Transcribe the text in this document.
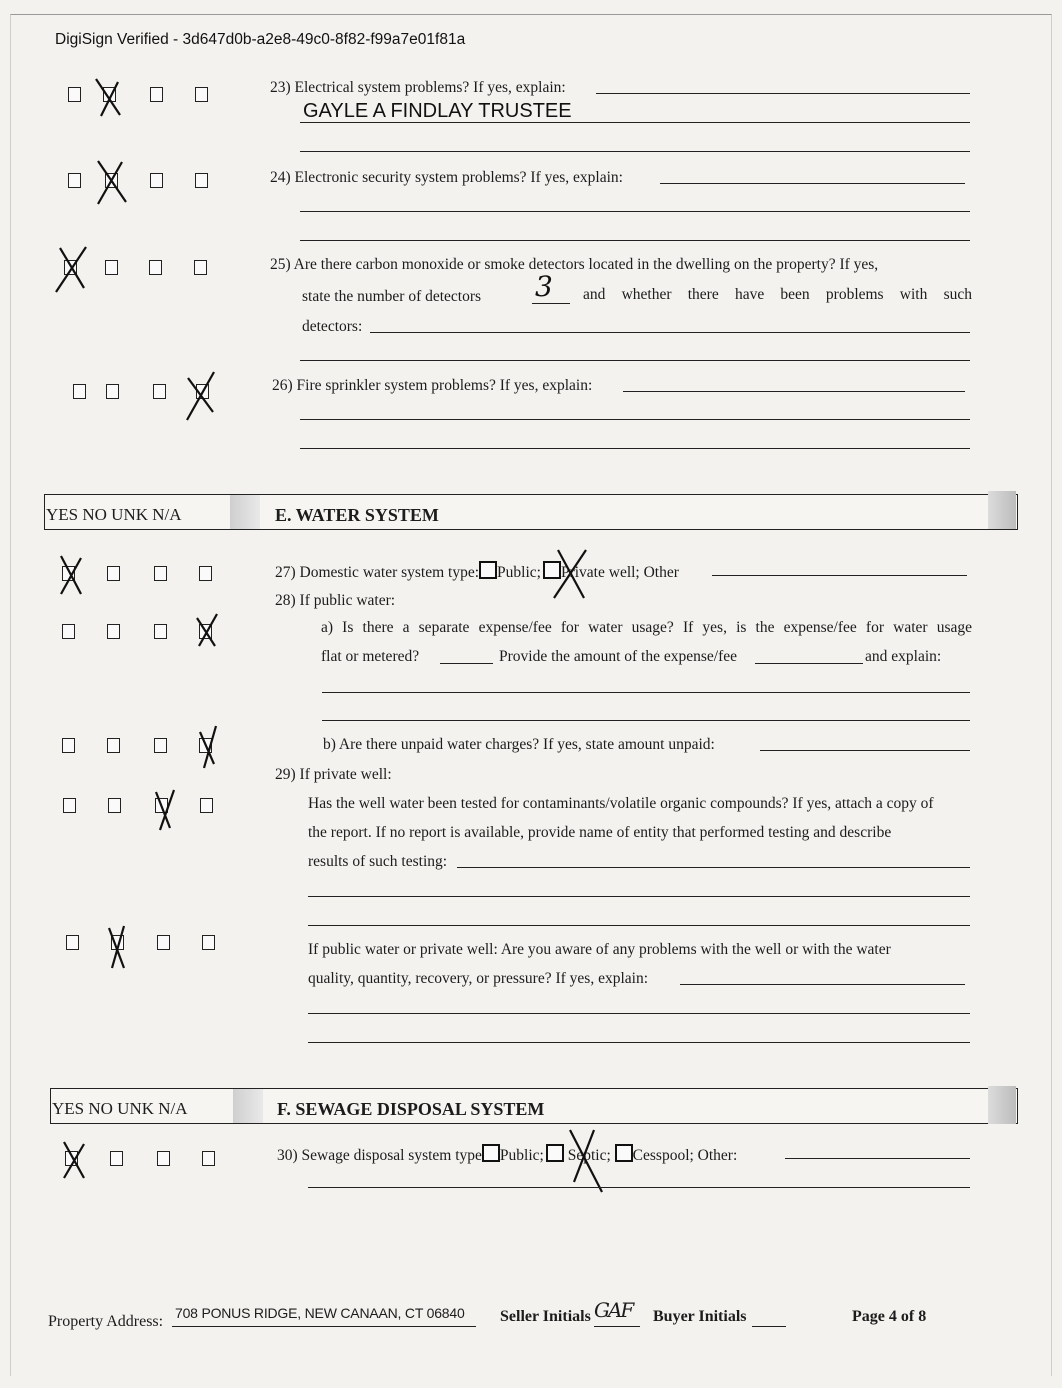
DigiSign Verified - 3d647d0b-a2e8-49c0-8f82-f99a7e01f81a
23) Electrical system problems? If yes, explain:
GAYLE A FINDLAY TRUSTEE
24) Electronic security system problems? If yes, explain:
25) Are there carbon monoxide or smoke detectors located in the dwelling on the property? If yes,
state the number of detectors 3 and whether there have been problems with such
detectors:
26) Fire sprinkler system problems? If yes, explain:
YES NO UNK N/A	E. WATER SYSTEM
27) Domestic water system type: Public; Private well; Other
28) If public water:
a) Is there a separate expense/fee for water usage? If yes, is the expense/fee for water usage
flat or metered?	Provide the amount of the expense/fee	and explain:
b) Are there unpaid water charges? If yes, state amount unpaid:
29) If private well:
Has the well water been tested for contaminants/volatile organic compounds? If yes, attach a copy of
the report. If no report is available, provide name of entity that performed testing and describe
results of such testing:
If public water or private well: Are you aware of any problems with the well or with the water
quality, quantity, recovery, or pressure? If yes, explain:
YES NO UNK N/A	F. SEWAGE DISPOSAL SYSTEM
30) Sewage disposal system type Public; Septic; Cesspool; Other:
Property Address: 708 PONUS RIDGE, NEW CANAAN, CT 06840 Seller Initials GAF Buyer Initials	Page 4 of 8
